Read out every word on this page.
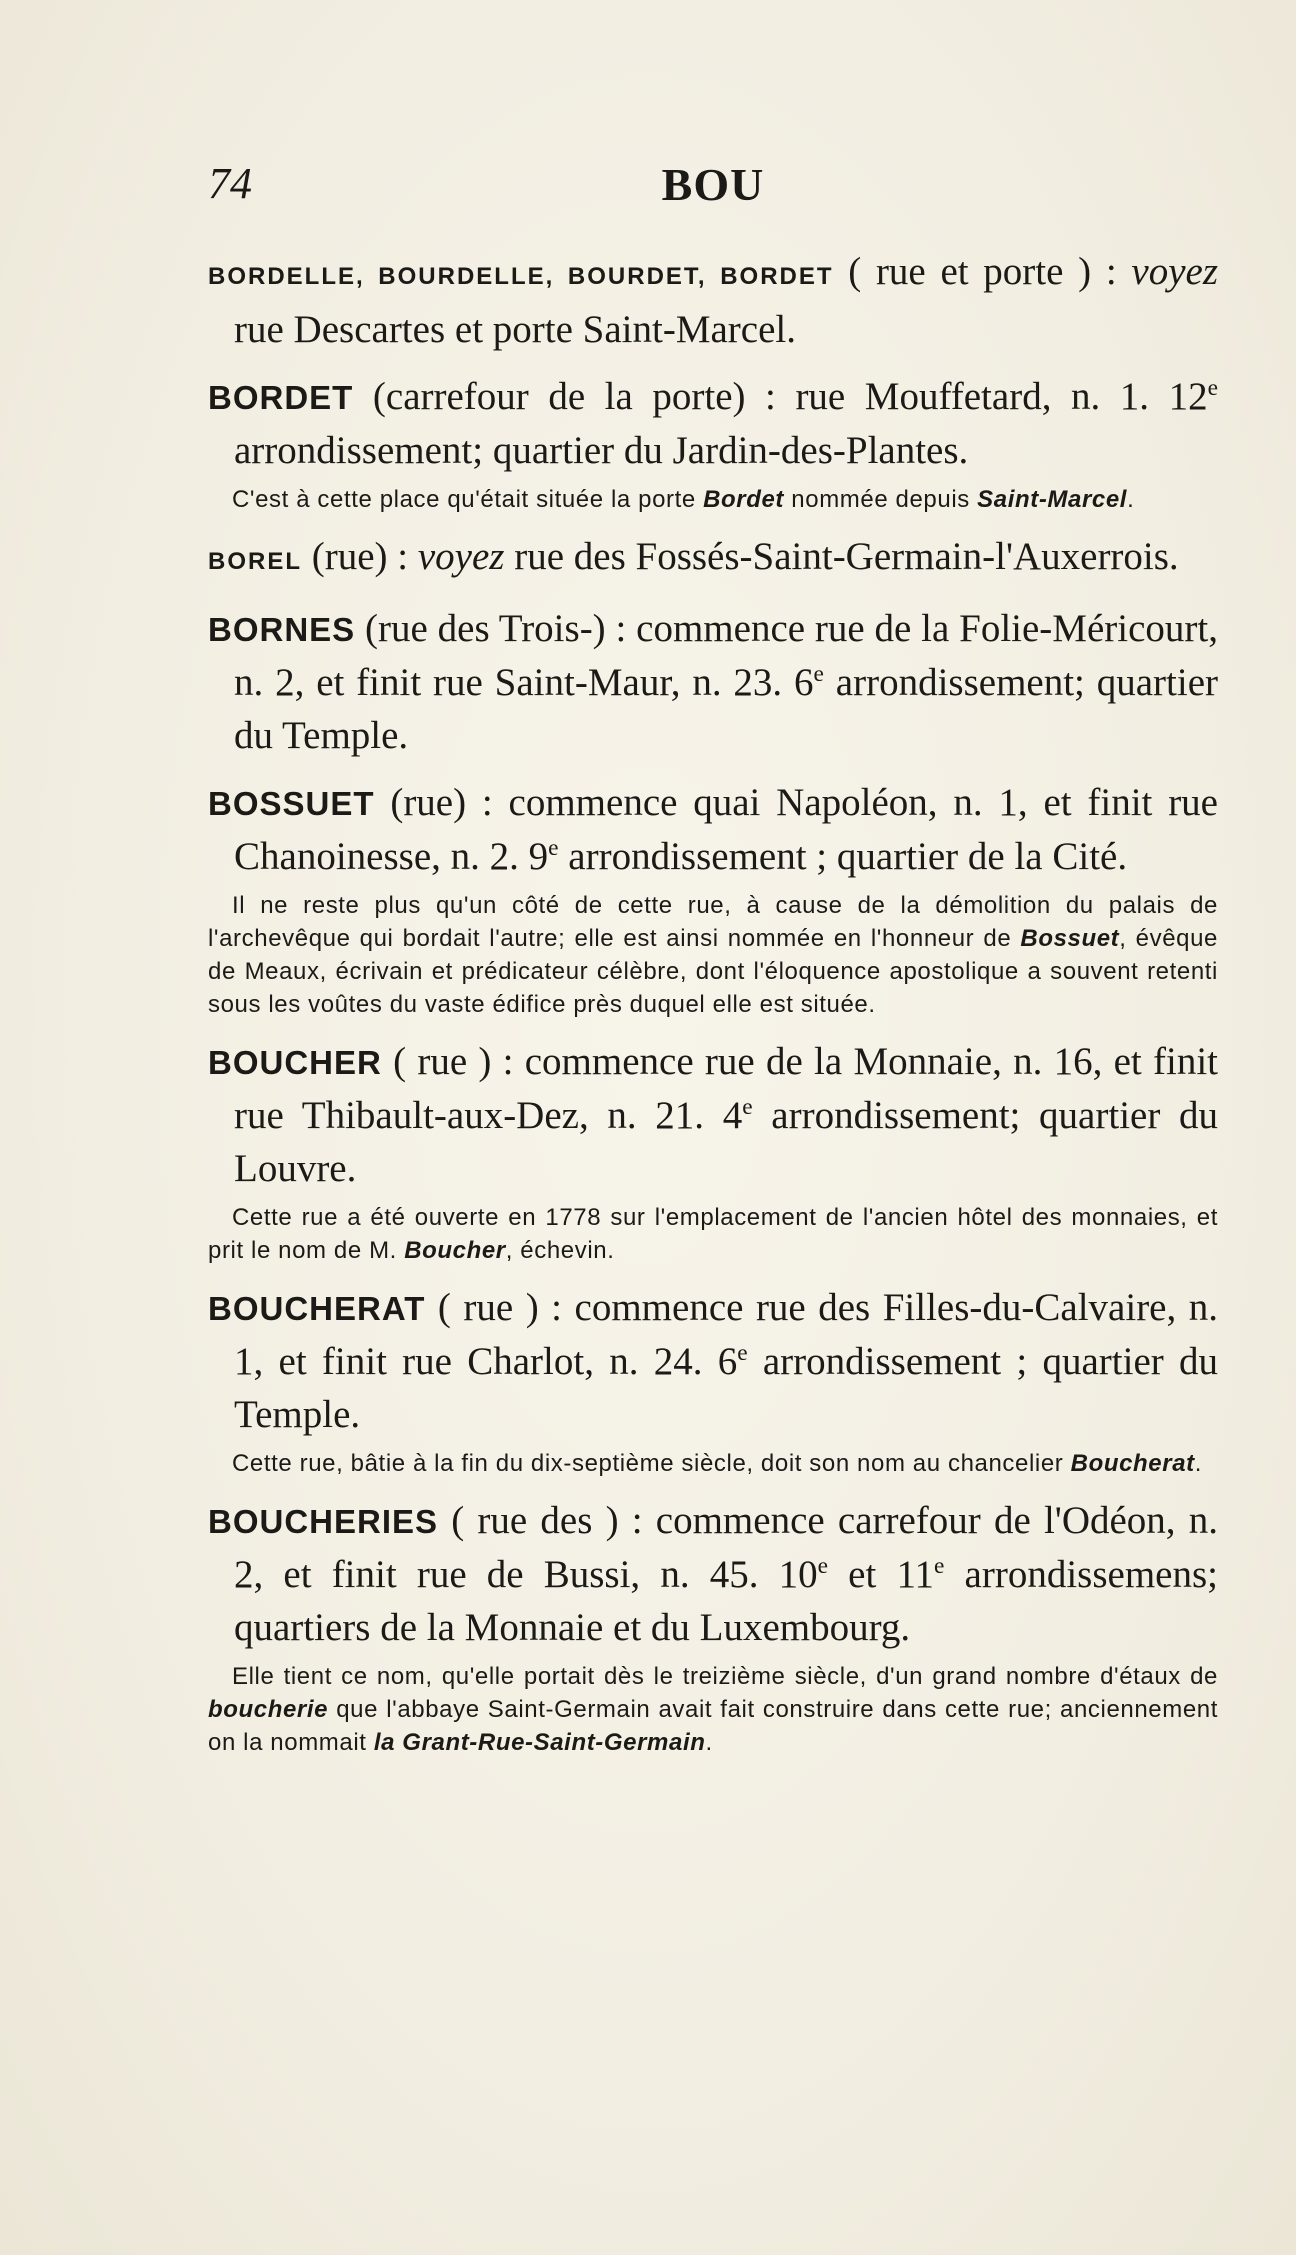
74	BOU
BORDELLE, BOURDELLE, BOURDET, BORDET ( rue et porte ) : voyez rue Descartes et porte Saint-Marcel.
BORDET (carrefour de la porte) : rue Mouffetard, n. 1. 12e arrondissement; quartier du Jardin-des-Plantes.
C'est à cette place qu'était située la porte Bordet nommée depuis Saint-Marcel.
BOREL (rue) : voyez rue des Fossés-Saint-Germain-l'Auxerrois.
BORNES (rue des Trois-) : commence rue de la Folie-Méricourt, n. 2, et finit rue Saint-Maur, n. 23. 6e arrondissement; quartier du Temple.
BOSSUET (rue) : commence quai Napoléon, n. 1, et finit rue Chanoinesse, n. 2. 9e arrondissement ; quartier de la Cité.
Il ne reste plus qu'un côté de cette rue, à cause de la démolition du palais de l'archevêque qui bordait l'autre; elle est ainsi nommée en l'honneur de Bossuet, évêque de Meaux, écrivain et prédicateur célèbre, dont l'éloquence apostolique a souvent retenti sous les voûtes du vaste édifice près duquel elle est située.
BOUCHER ( rue ) : commence rue de la Monnaie, n. 16, et finit rue Thibault-aux-Dez, n. 21. 4e arrondissement; quartier du Louvre.
Cette rue a été ouverte en 1778 sur l'emplacement de l'ancien hôtel des monnaies, et prit le nom de M. Boucher, échevin.
BOUCHERAT ( rue ) : commence rue des Filles-du-Calvaire, n. 1, et finit rue Charlot, n. 24. 6e arrondissement ; quartier du Temple.
Cette rue, bâtie à la fin du dix-septième siècle, doit son nom au chancelier Boucherat.
BOUCHERIES ( rue des ) : commence carrefour de l'Odéon, n. 2, et finit rue de Bussi, n. 45. 10e et 11e arrondissemens; quartiers de la Monnaie et du Luxembourg.
Elle tient ce nom, qu'elle portait dès le treizième siècle, d'un grand nombre d'étaux de boucherie que l'abbaye Saint-Germain avait fait construire dans cette rue; anciennement on la nommait la Grant-Rue-Saint-Germain.
